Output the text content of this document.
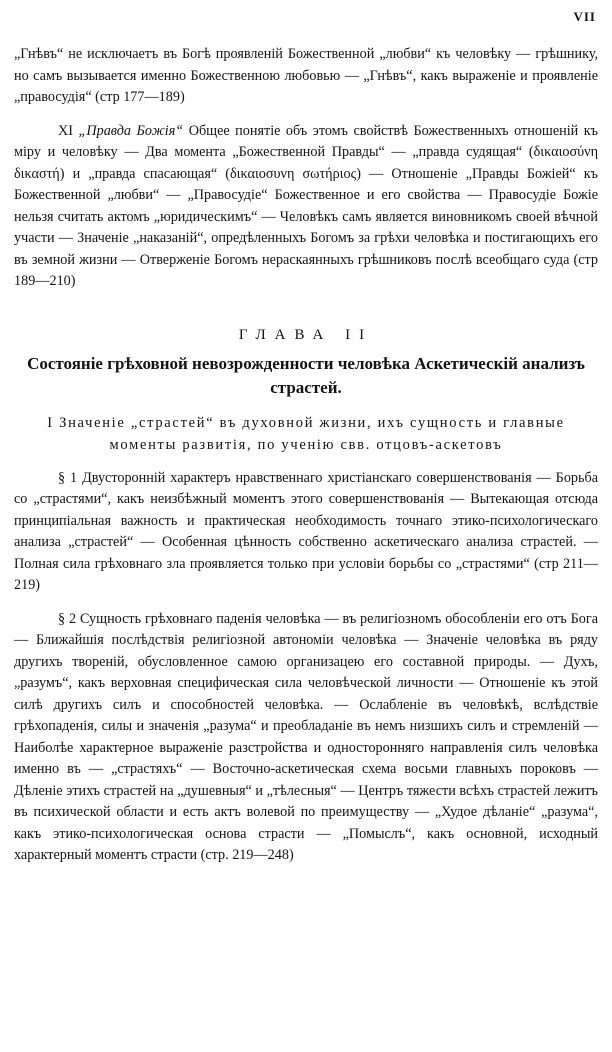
VII

„Гнѣвъ“ не исключаетъ въ Богѣ проявленій Божественной „любви“ къ человѣку — грѣшнику, но самъ вызывается именно Божественною любовью — „Гнѣвъ“, какъ выраженіе и проявленіе „правосудія“ (стр 177—189)

XI „Правда Божія“ Общее понятіе объ этомъ свойствѣ Божественныхъ отношеній къ міру и человѣку — Два момента „Божественной Правды“ — „правда судящая“ (δικαιοσύνη δικαστή) и „правда спасающая“ (δικαιοσυνη σωτήριος) — Отношеніе „Правды Божіей“ къ Божественной „любви“ — „Правосудіе“ Божественное и его свойства — Правосудіе Божіе нельзя считать актомъ „юридическимъ“ — Человѣкъ самъ является виновникомъ своей вѣчной участи — Значеніе „наказаній“, опредѣленныхъ Богомъ за грѣхи человѣка и постигающихъ его въ земной жизни — Отверженіе Богомъ нераскаянныхъ грѣшниковъ послѣ всеобщаго суда (стр 189—210)

ГЛАВА II
Состояніе грѣховной невозрожденности человѣка Аскетическій анализъ страстей.
I Значеніе „страстей“ въ духовной жизни, ихъ сущность и главные моменты развитія, по ученію свв. отцовъ-аскетовъ

§ 1 Двусторонній характеръ нравственнаго христіанскаго совершенствованія — Борьба со „страстями“, какъ неизбѣжный моментъ этого совершенствованія — Вытекающая отсюда принципіальная важность и практическая необходимость точнаго этико-психологическаго анализа „страстей“ — Особенная цѣнность собственно аскетическаго анализа страстей. — Полная сила грѣховнаго зла проявляется только при условіи борьбы со „страстями“ (стр 211—219)

§ 2 Сущность грѣховнаго паденія человѣка — въ религіозномъ обособленіи его отъ Бога — Ближайшія послѣдствія религіозной автономіи человѣка — Значеніе человѣка въ ряду другихъ твореній, обусловленное самою организацею его составной природы. — Духъ, „разумъ“, какъ верховная специфическая сила человѣческой личности — Отношеніе къ этой силѣ другихъ силъ и способностей человѣка. — Ослабленіе въ человѣкѣ, вслѣдствіе грѣхопаденія, силы и значенія „разума“ и преобладаніе въ немъ низшихъ силъ и стремленій — Наиболѣе характерное выраженіе разстройства и односторонняго направленія силъ человѣка именно въ — „страстяхъ“ — Восточно-аскетическая схема восьми главныхъ пороковъ — Дѣленіе этихъ страстей на „душевныя“ и „тѣлесныя“ — Центръ тяжести всѣхъ страстей лежитъ въ психической области и есть актъ волевой по преимуществу — „Худое дѣланіе“ „разума“, какъ этико-психологическая основа страсти — „Помыслъ“, какъ основной, исходный характерный моментъ страсти (стр. 219—248)
